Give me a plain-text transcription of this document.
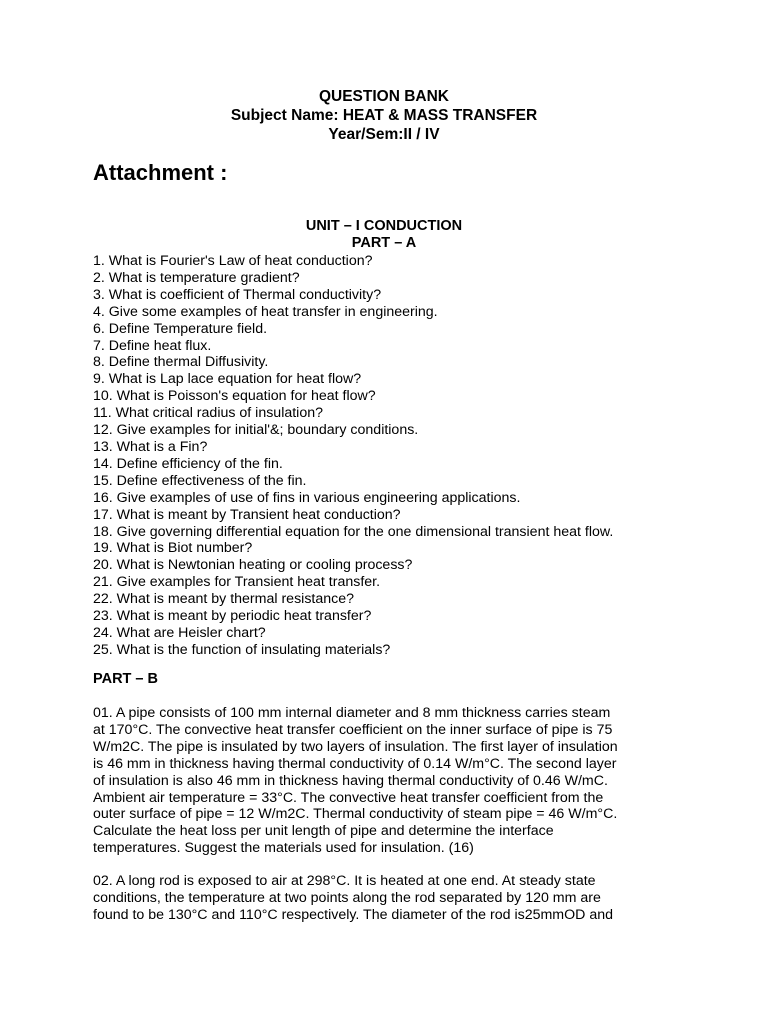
QUESTION BANK
Subject Name: HEAT & MASS TRANSFER
Year/Sem:II / IV
Attachment :
UNIT – I CONDUCTION
PART – A
1. What is Fourier's Law of heat conduction?
2. What is temperature gradient?
3. What is coefficient of Thermal conductivity?
4. Give some examples of heat transfer in engineering.
6. Define Temperature field.
7. Define heat flux.
8. Define thermal Diffusivity.
9. What is Lap lace equation for heat flow?
10. What is Poisson's equation for heat flow?
11. What critical radius of insulation?
12. Give examples for initial'&; boundary conditions.
13. What is a Fin?
14. Define efficiency of the fin.
15. Define effectiveness of the fin.
16. Give examples of use of fins in various engineering applications.
17. What is meant by Transient heat conduction?
18. Give governing differential equation for the one dimensional transient heat flow.
19. What is Biot number?
20. What is Newtonian heating or cooling process?
21. Give examples for Transient heat transfer.
22. What is meant by thermal resistance?
23. What is meant by periodic heat transfer?
24. What are Heisler chart?
25. What is the function of insulating materials?
PART – B
01. A pipe consists of 100 mm internal diameter and 8 mm thickness carries steam
at 170°C. The convective heat transfer coefficient on the inner surface of pipe is 75
W/m2C. The pipe is insulated by two layers of insulation. The first layer of insulation
is 46 mm in thickness having thermal conductivity of 0.14 W/m°C. The second layer
of insulation is also 46 mm in thickness having thermal conductivity of 0.46 W/mC.
Ambient air temperature = 33°C. The convective heat transfer coefficient from the
outer surface of pipe = 12 W/m2C. Thermal conductivity of steam pipe = 46 W/m°C.
Calculate the heat loss per unit length of pipe and determine the interface
temperatures. Suggest the materials used for insulation. (16)
02. A long rod is exposed to air at 298°C. It is heated at one end. At steady state
conditions, the temperature at two points along the rod separated by 120 mm are
found to be 130°C and 110°C respectively. The diameter of the rod is25mmOD and
